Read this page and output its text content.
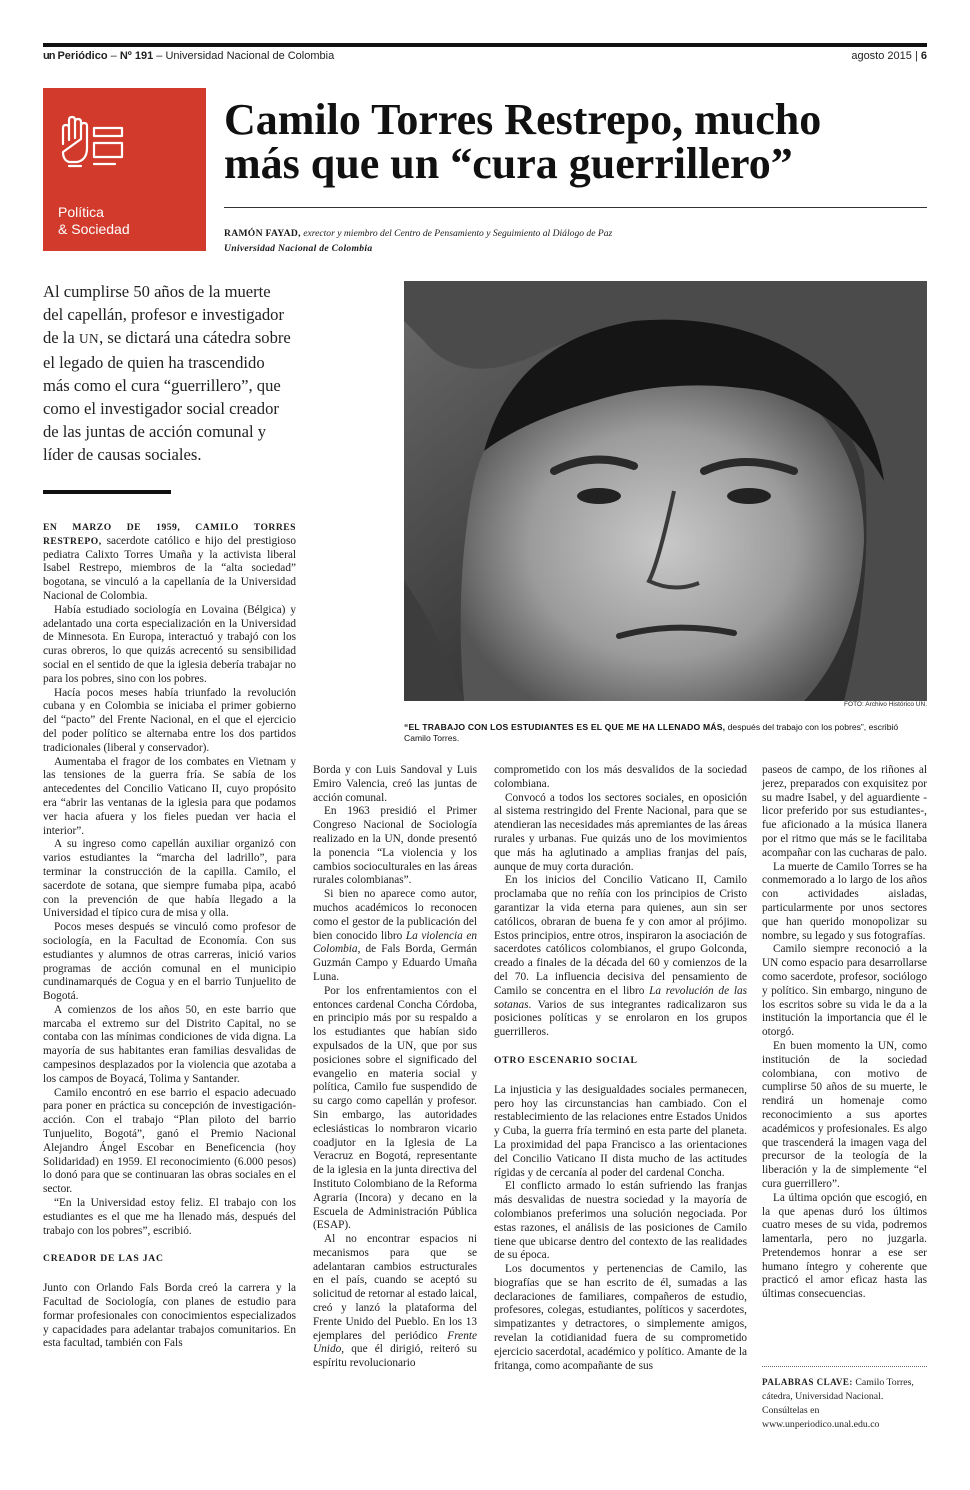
un Periódico – Nº 191 – Universidad Nacional de Colombia	agosto 2015 | 6
Política
& Sociedad
Camilo Torres Restrepo, mucho
más que un “cura guerrillero”
RAMÓN FAYAD, exrector y miembro del Centro de Pensamiento y Seguimiento al Diálogo de Paz
Universidad Nacional de Colombia
Al cumplirse 50 años de la muerte del capellán, profesor e investigador de la UN, se dictará una cátedra sobre el legado de quien ha trascendido más como el cura “guerrillero”, que como el investigador social creador de las juntas de acción comunal y líder de causas sociales.
FOTO: Archivo Histórico UN.
“EL TRABAJO CON LOS ESTUDIANTES ES EL QUE ME HA LLENADO MÁS, después del trabajo con los pobres”, escribió Camilo Torres.

EN MARZO DE 1959, CAMILO TORRES RESTREPO, sacerdote católico e hijo del prestigioso pediatra Calixto Torres Umaña y la activista liberal Isabel Restrepo, miembros de la “alta sociedad” bogotana, se vinculó a la capellanía de la Universidad Nacional de Colombia.

Había estudiado sociología en Lovaina (Bélgica) y adelantado una corta especialización en la Universidad de Minnesota. En Europa, interactuó y trabajó con los curas obreros, lo que quizás acrecentó su sensibilidad social en el sentido de que la iglesia debería trabajar no para los pobres, sino con los pobres.

Hacía pocos meses había triunfado la revolución cubana y en Colombia se iniciaba el primer gobierno del “pacto” del Frente Nacional, en el que el ejercicio del poder político se alternaba entre los dos partidos tradicionales (liberal y conservador).

Aumentaba el fragor de los combates en Vietnam y las tensiones de la guerra fría. Se sabía de los antecedentes del Concilio Vaticano II, cuyo propósito era “abrir las ventanas de la iglesia para que podamos ver hacia afuera y los fieles puedan ver hacia el interior”.

A su ingreso como capellán auxiliar organizó con varios estudiantes la “marcha del ladrillo”, para terminar la construcción de la capilla. Camilo, el sacerdote de sotana, que siempre fumaba pipa, acabó con la prevención de que había llegado a la Universidad el típico cura de misa y olla.

Pocos meses después se vinculó como profesor de sociología, en la Facultad de Economía. Con sus estudiantes y alumnos de otras carreras, inició varios programas de acción comunal en el municipio cundinamarqués de Cogua y en el barrio Tunjuelito de Bogotá.

A comienzos de los años 50, en este barrio que marcaba el extremo sur del Distrito Capital, no se contaba con las mínimas condiciones de vida digna. La mayoría de sus habitantes eran familias desvalidas de campesinos desplazados por la violencia que azotaba a los campos de Boyacá, Tolima y Santander.

Camilo encontró en ese barrio el espacio adecuado para poner en práctica su concepción de investigación-acción. Con el trabajo “Plan piloto del barrio Tunjuelito, Bogotá”, ganó el Premio Nacional Alejandro Ángel Escobar en Beneficencia (hoy Solidaridad) en 1959. El reconocimiento (6.000 pesos) lo donó para que se continuaran las obras sociales en el sector.

“En la Universidad estoy feliz. El trabajo con los estudiantes es el que me ha llenado más, después del trabajo con los pobres”, escribió.

CREADOR DE LAS JAC

Junto con Orlando Fals Borda creó la carrera y la Facultad de Sociología, con planes de estudio para formar profesionales con conocimientos especializados y capacidades para adelantar trabajos comunitarios. En esta facultad, también con Fals

Borda y con Luis Sandoval y Luis Emiro Valencia, creó las juntas de acción comunal.

En 1963 presidió el Primer Congreso Nacional de Sociología realizado en la UN, donde presentó la ponencia “La violencia y los cambios socioculturales en las áreas rurales colombianas”.

Si bien no aparece como autor, muchos académicos lo reconocen como el gestor de la publicación del bien conocido libro La violencia en Colombia, de Fals Borda, Germán Guzmán Campo y Eduardo Umaña Luna.

Por los enfrentamientos con el entonces cardenal Concha Córdoba, en principio más por su respaldo a los estudiantes que habían sido expulsados de la UN, que por sus posiciones sobre el significado del evangelio en materia social y política, Camilo fue suspendido de su cargo como capellán y profesor. Sin embargo, las autoridades eclesiásticas lo nombraron vicario coadjutor en la Iglesia de La Veracruz en Bogotá, representante de la iglesia en la junta directiva del Instituto Colombiano de la Reforma Agraria (Incora) y decano en la Escuela de Administración Pública (ESAP).

Al no encontrar espacios ni mecanismos para que se adelantaran cambios estructurales en el país, cuando se aceptó su solicitud de retornar al estado laical, creó y lanzó la plataforma del Frente Unido del Pueblo. En los 13 ejemplares del periódico Frente Unido, que él dirigió, reiteró su espíritu revolucionario

comprometido con los más desvalidos de la sociedad colombiana.

Convocó a todos los sectores sociales, en oposición al sistema restringido del Frente Nacional, para que se atendieran las necesidades más apremiantes de las áreas rurales y urbanas. Fue quizás uno de los movimientos que más ha aglutinado a amplias franjas del país, aunque de muy corta duración.

En los inicios del Concilio Vaticano II, Camilo proclamaba que no reñía con los principios de Cristo garantizar la vida eterna para quienes, aun sin ser católicos, obraran de buena fe y con amor al prójimo. Estos principios, entre otros, inspiraron la asociación de sacerdotes católicos colombianos, el grupo Golconda, creado a finales de la década del 60 y comienzos de la del 70. La influencia decisiva del pensamiento de Camilo se concentra en el libro La revolución de las sotanas. Varios de sus integrantes radicalizaron sus posiciones políticas y se enrolaron en los grupos guerrilleros.

OTRO ESCENARIO SOCIAL

La injusticia y las desigualdades sociales permanecen, pero hoy las circunstancias han cambiado. Con el restablecimiento de las relaciones entre Estados Unidos y Cuba, la guerra fría terminó en esta parte del planeta. La proximidad del papa Francisco a las orientaciones del Concilio Vaticano II dista mucho de las actitudes rígidas y de cercanía al poder del cardenal Concha.

El conflicto armado lo están sufriendo las franjas más desvalidas de nuestra sociedad y la mayoría de colombianos preferimos una solución negociada. Por estas razones, el análisis de las posiciones de Camilo tiene que ubicarse dentro del contexto de las realidades de su época.

Los documentos y pertenencias de Camilo, las biografías que se han escrito de él, sumadas a las declaraciones de familiares, compañeros de estudio, profesores, colegas, estudiantes, políticos y sacerdotes, simpatizantes y detractores, o simplemente amigos, revelan la cotidianidad fuera de su comprometido ejercicio sacerdotal, académico y político. Amante de la fritanga, como acompañante de sus

paseos de campo, de los riñones al jerez, preparados con exquisitez por su madre Isabel, y del aguardiente -licor preferido por sus estudiantes-, fue aficionado a la música llanera por el ritmo que más se le facilitaba acompañar con las cucharas de palo.

La muerte de Camilo Torres se ha conmemorado a lo largo de los años con actividades aisladas, particularmente por unos sectores que han querido monopolizar su nombre, su legado y sus fotografías.

Camilo siempre reconoció a la UN como espacio para desarrollarse como sacerdote, profesor, sociólogo y político. Sin embargo, ninguno de los escritos sobre su vida le da a la institución la importancia que él le otorgó.

En buen momento la UN, como institución de la sociedad colombiana, con motivo de cumplirse 50 años de su muerte, le rendirá un homenaje como reconocimiento a sus aportes académicos y profesionales. Es algo que trascenderá la imagen vaga del precursor de la teología de la liberación y la de simplemente “el cura guerrillero”.

La última opción que escogió, en la que apenas duró los últimos cuatro meses de su vida, podremos lamentarla, pero no juzgarla. Pretendemos honrar a ese ser humano íntegro y coherente que practicó el amor eficaz hasta las últimas consecuencias.

PALABRAS CLAVE: Camilo Torres, cátedra, Universidad Nacional. Consúltelas en www.unperiodico.unal.edu.co
